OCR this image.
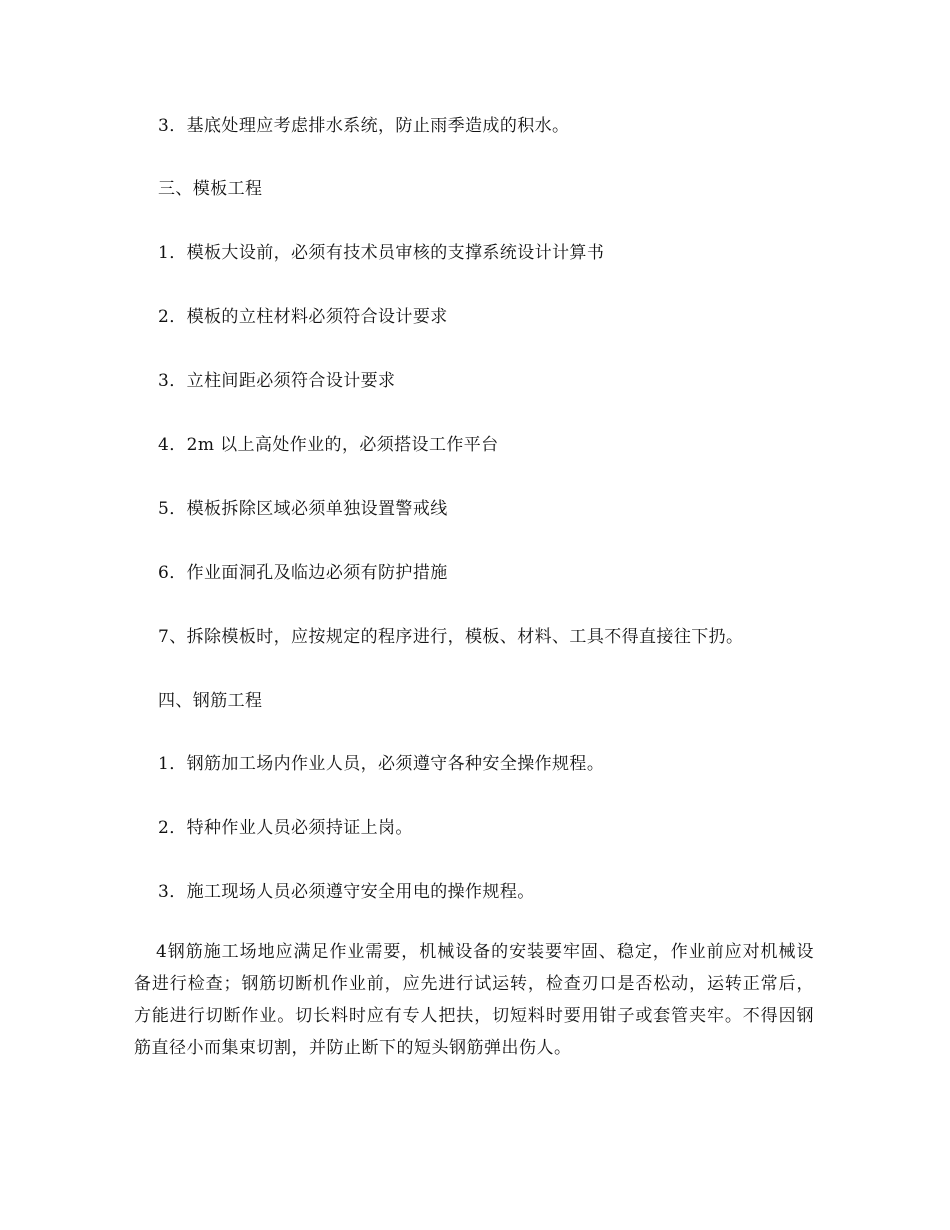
3．基底处理应考虑排水系统，防止雨季造成的积水。
三、模板工程
1．模板大设前，必须有技术员审核的支撑系统设计计算书
2．模板的立柱材料必须符合设计要求
3．立柱间距必须符合设计要求
4．2m 以上高处作业的，必须搭设工作平台
5．模板拆除区域必须单独设置警戒线
6．作业面洞孔及临边必须有防护措施
7、拆除模板时，应按规定的程序进行，模板、材料、工具不得直接往下扔。
四、钢筋工程
1．钢筋加工场内作业人员，必须遵守各种安全操作规程。
2．特种作业人员必须持证上岗。
3．施工现场人员必须遵守安全用电的操作规程。
4钢筋施工场地应满足作业需要，机械设备的安装要牢固、稳定，作业前应对机械设备进行检查；钢筋切断机作业前，应先进行试运转，检查刃口是否松动，运转正常后，方能进行切断作业。切长料时应有专人把扶，切短料时要用钳子或套管夹牢。不得因钢筋直径小而集束切割，并防止断下的短头钢筋弹出伤人。
